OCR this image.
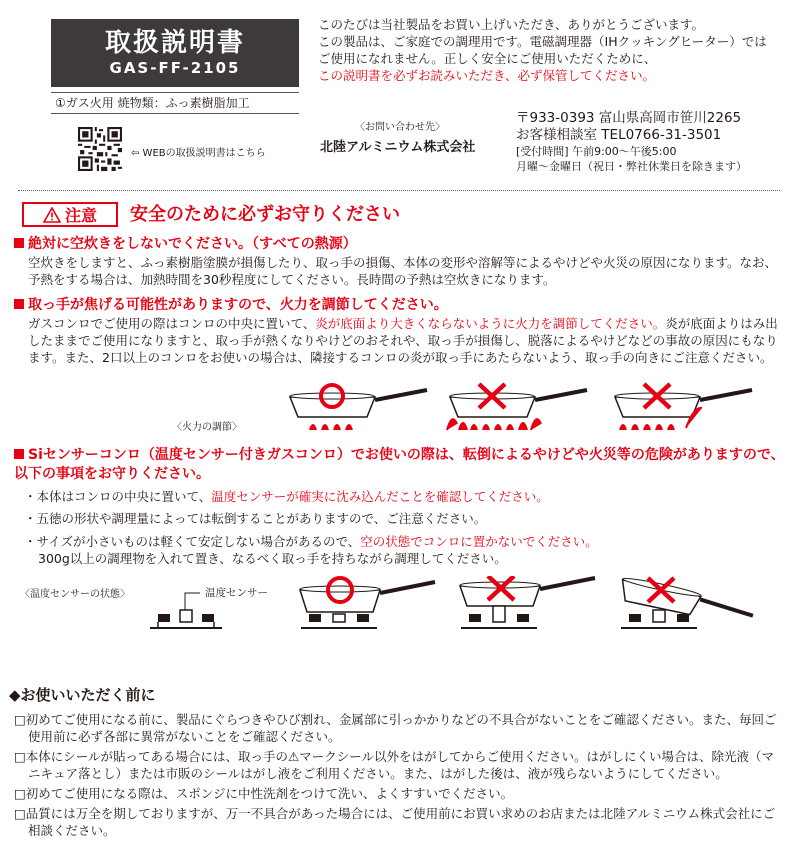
取扱説明書
GAS-FF-2105
①ガス火用 焼物類：ふっ素樹脂加工
⇦ WEBの取扱説明書はこちら
このたびは当社製品をお買い上げいただき、ありがとうございます。
この製品は、ご家庭での調理用です。電磁調理器（IHクッキングヒーター）ではご使用になれません。正しく安全にご使用いただくために、
この説明書を必ずお読みいただき、必ず保管してください。
〈お問い合わせ先〉
北陸アルミニウム株式会社
〒933-0393 富山県高岡市笹川2265
お客様相談室 TEL0766-31-3501
[受付時間] 午前9:00～午後5:00
月曜～金曜日（祝日・弊社休業日を除きます）
注意 安全のために必ずお守りください
絶対に空炊きをしないでください。（すべての熱源）
空炊きをしますと、ふっ素樹脂塗膜が損傷したり、取っ手の損傷、本体の変形や溶解等によるやけどや火災の原因になります。なお、予熱をする場合は、加熱時間を30秒程度にしてください。長時間の予熱は空炊きになります。
取っ手が焦げる可能性がありますので、火力を調節してください。
ガスコンロでご使用の際はコンロの中央に置いて、炎が底面より大きくならないように火力を調節してください。炎が底面よりはみ出したままでご使用になりますと、取っ手が熱くなりやけどのおそれや、取っ手が損傷し、脱落によるやけどなどの事故の原因にもなります。また、2口以上のコンロをお使いの場合は、隣接するコンロの炎が取っ手にあたらないよう、取っ手の向きにご注意ください。
〈火力の調節〉
Siセンサーコンロ（温度センサー付きガスコンロ）でお使いの際は、転倒によるやけどや火災等の危険がありますので、以下の事項をお守りください。
・本体はコンロの中央に置いて、温度センサーが確実に沈み込んだことを確認してください。
・五徳の形状や調理量によっては転倒することがありますので、ご注意ください。
・サイズが小さいものは軽くて安定しない場合があるので、空の状態でコンロに置かないでください。
300g以上の調理物を入れて置き、なるべく取っ手を持ちながら調理してください。
〈温度センサーの状態〉	温度センサー
◆お使いいただく前に
□初めてご使用になる前に、製品にぐらつきやひび割れ、金属部に引っかかりなどの不具合がないことをご確認ください。また、毎回ご使用前に必ず各部に異常がないことをご確認ください。
□本体にシールが貼ってある場合には、取っ手の⚠マークシール以外をはがしてからご使用ください。はがしにくい場合は、除光液（マニキュア落とし）または市販のシールはがし液をご利用ください。また、はがした後は、液が残らないようにしてください。
□初めてご使用になる際は、スポンジに中性洗剤をつけて洗い、よくすすいでください。
□品質には万全を期しておりますが、万一不具合があった場合には、ご使用前にお買い求めのお店または北陸アルミニウム株式会社にご相談ください。
